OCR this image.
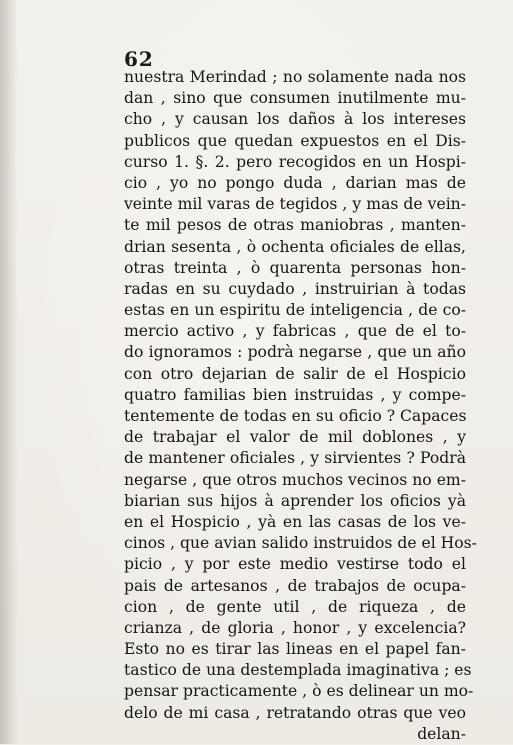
62
nuestra Merindad ; no solamente nada nos
dan , sino que consumen inutilmente mu-
cho , y causan los daños à los intereses
publicos que quedan expuestos en el Dis-
curso 1. §. 2. pero recogidos en un Hospi-
cio , yo no pongo duda , darian mas de
veinte mil varas de tegidos , y mas de vein-
te mil pesos de otras maniobras , manten-
drian sesenta , ò ochenta oficiales de ellas,
otras treinta , ò quarenta personas hon-
radas en su cuydado , instruirian à todas
estas en un espiritu de inteligencia , de co-
mercio activo , y fabricas , que de el to-
do ignoramos : podrà negarse , que un año
con otro dejarian de salir de el Hospicio
quatro familias bien instruidas , y compe-
tentemente de todas en su oficio ? Capaces
de trabajar el valor de mil doblones , y
de mantener oficiales , y sirvientes ? Podrà
negarse , que otros muchos vecinos no em-
biarian sus hijos à aprender los oficios yà
en el Hospicio , yà en las casas de los ve-
cinos , que avian salido instruidos de el Hos-
picio , y por este medio vestirse todo el
pais de artesanos , de trabajos de ocupa-
cion , de gente util , de riqueza , de
crianza , de gloria , honor , y excelencia?
Esto no es tirar las lineas en el papel fan-
tastico de una destemplada imaginativa ; es
pensar practicamente , ò es delinear un mo-
delo de mi casa , retratando otras que veo
delan-
